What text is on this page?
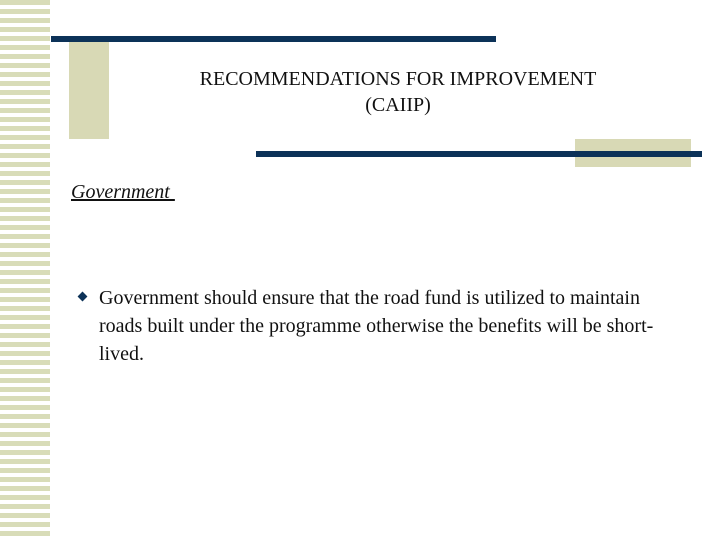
RECOMMENDATIONS FOR IMPROVEMENT
(CAIIP)
Government
Government should ensure that the road fund is utilized to maintain roads built under the programme otherwise the benefits will be short-lived.
